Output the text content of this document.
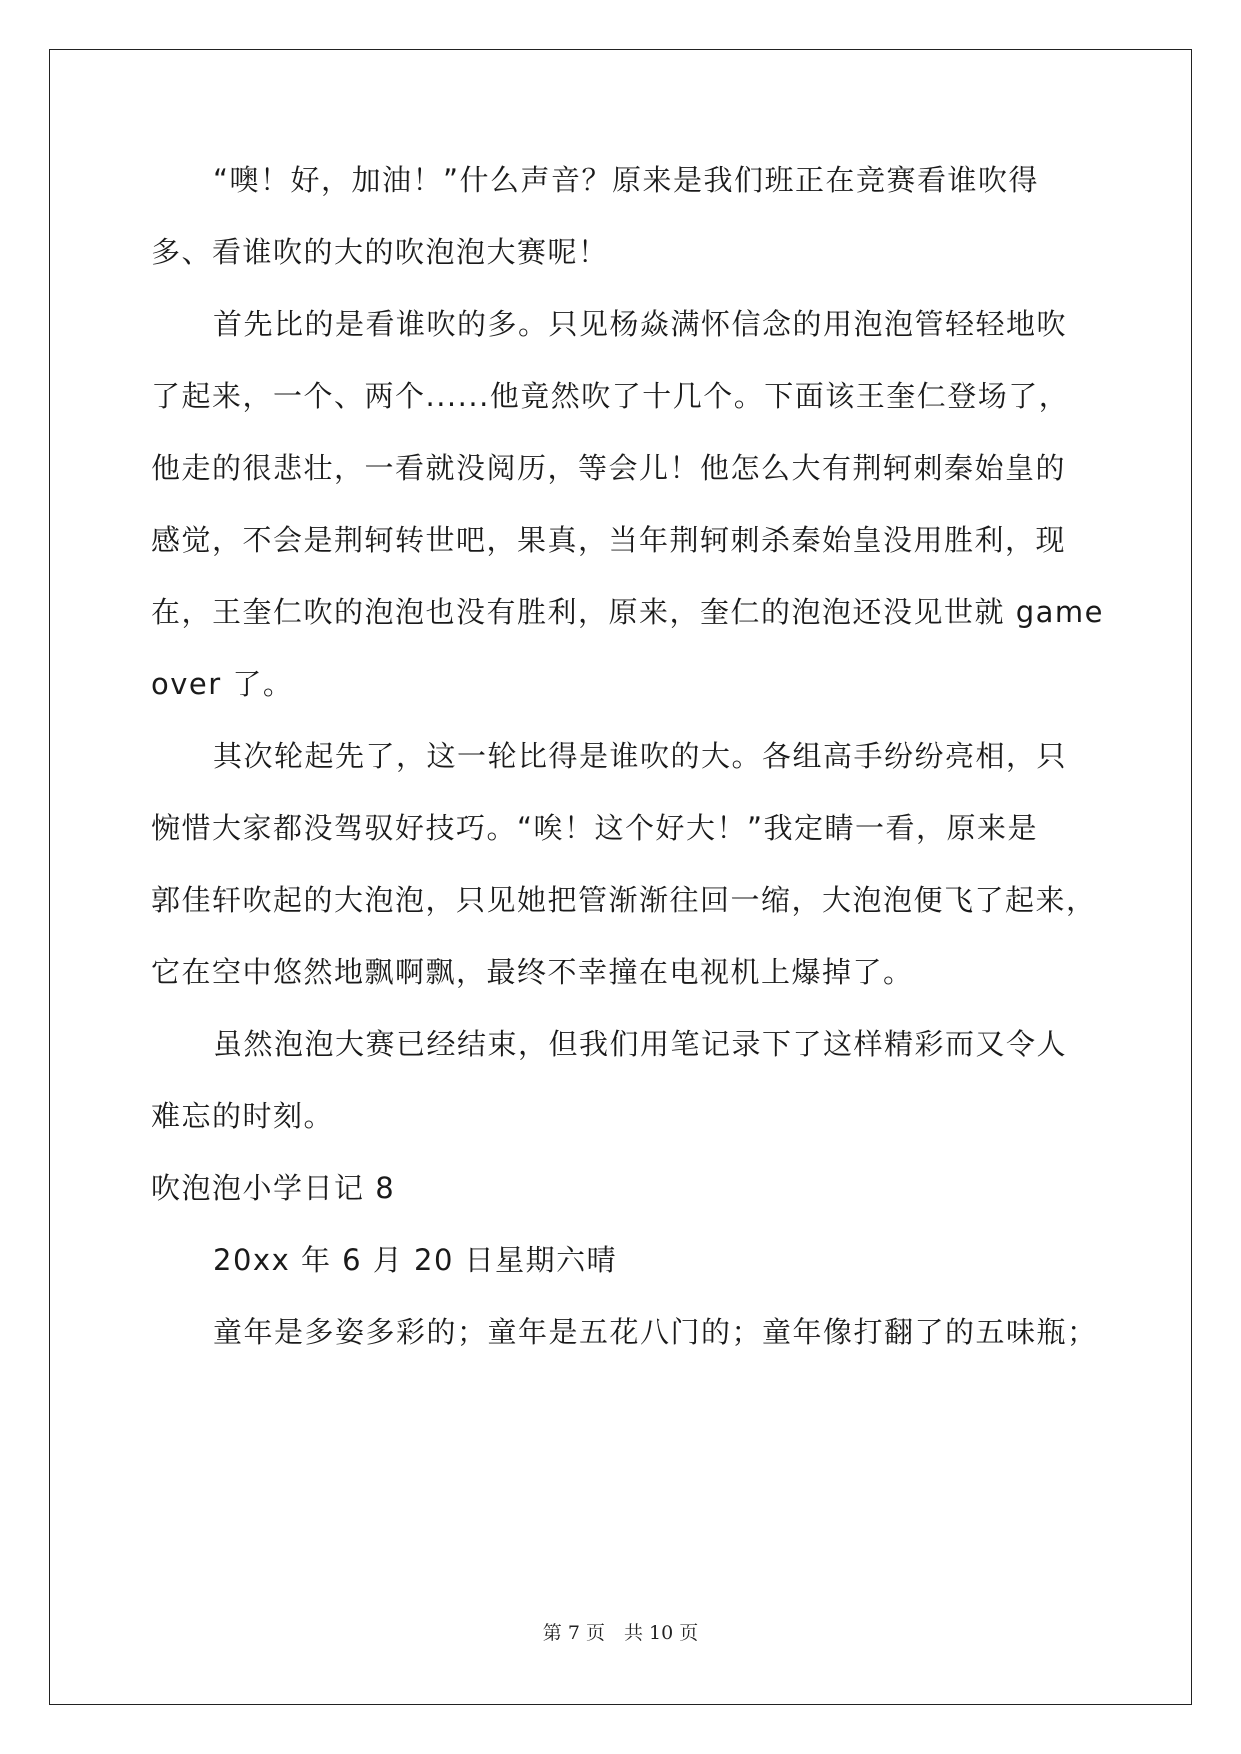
“噢！好，加油！”什么声音？原来是我们班正在竞赛看谁吹得
多、看谁吹的大的吹泡泡大赛呢！
首先比的是看谁吹的多。只见杨焱满怀信念的用泡泡管轻轻地吹
了起来，一个、两个......他竟然吹了十几个。下面该王奎仁登场了，
他走的很悲壮，一看就没阅历，等会儿！他怎么大有荆轲刺秦始皇的
感觉，不会是荆轲转世吧，果真，当年荆轲刺杀秦始皇没用胜利，现
在，王奎仁吹的泡泡也没有胜利，原来，奎仁的泡泡还没见世就 game
over 了。
其次轮起先了，这一轮比得是谁吹的大。各组高手纷纷亮相，只
惋惜大家都没驾驭好技巧。“唉！这个好大！”我定睛一看，原来是
郭佳轩吹起的大泡泡，只见她把管渐渐往回一缩，大泡泡便飞了起来，
它在空中悠然地飘啊飘，最终不幸撞在电视机上爆掉了。
虽然泡泡大赛已经结束，但我们用笔记录下了这样精彩而又令人
难忘的时刻。
吹泡泡小学日记 8
20xx 年 6 月 20 日星期六晴
童年是多姿多彩的；童年是五花八门的；童年像打翻了的五味瓶；
第 7 页　共 10 页
